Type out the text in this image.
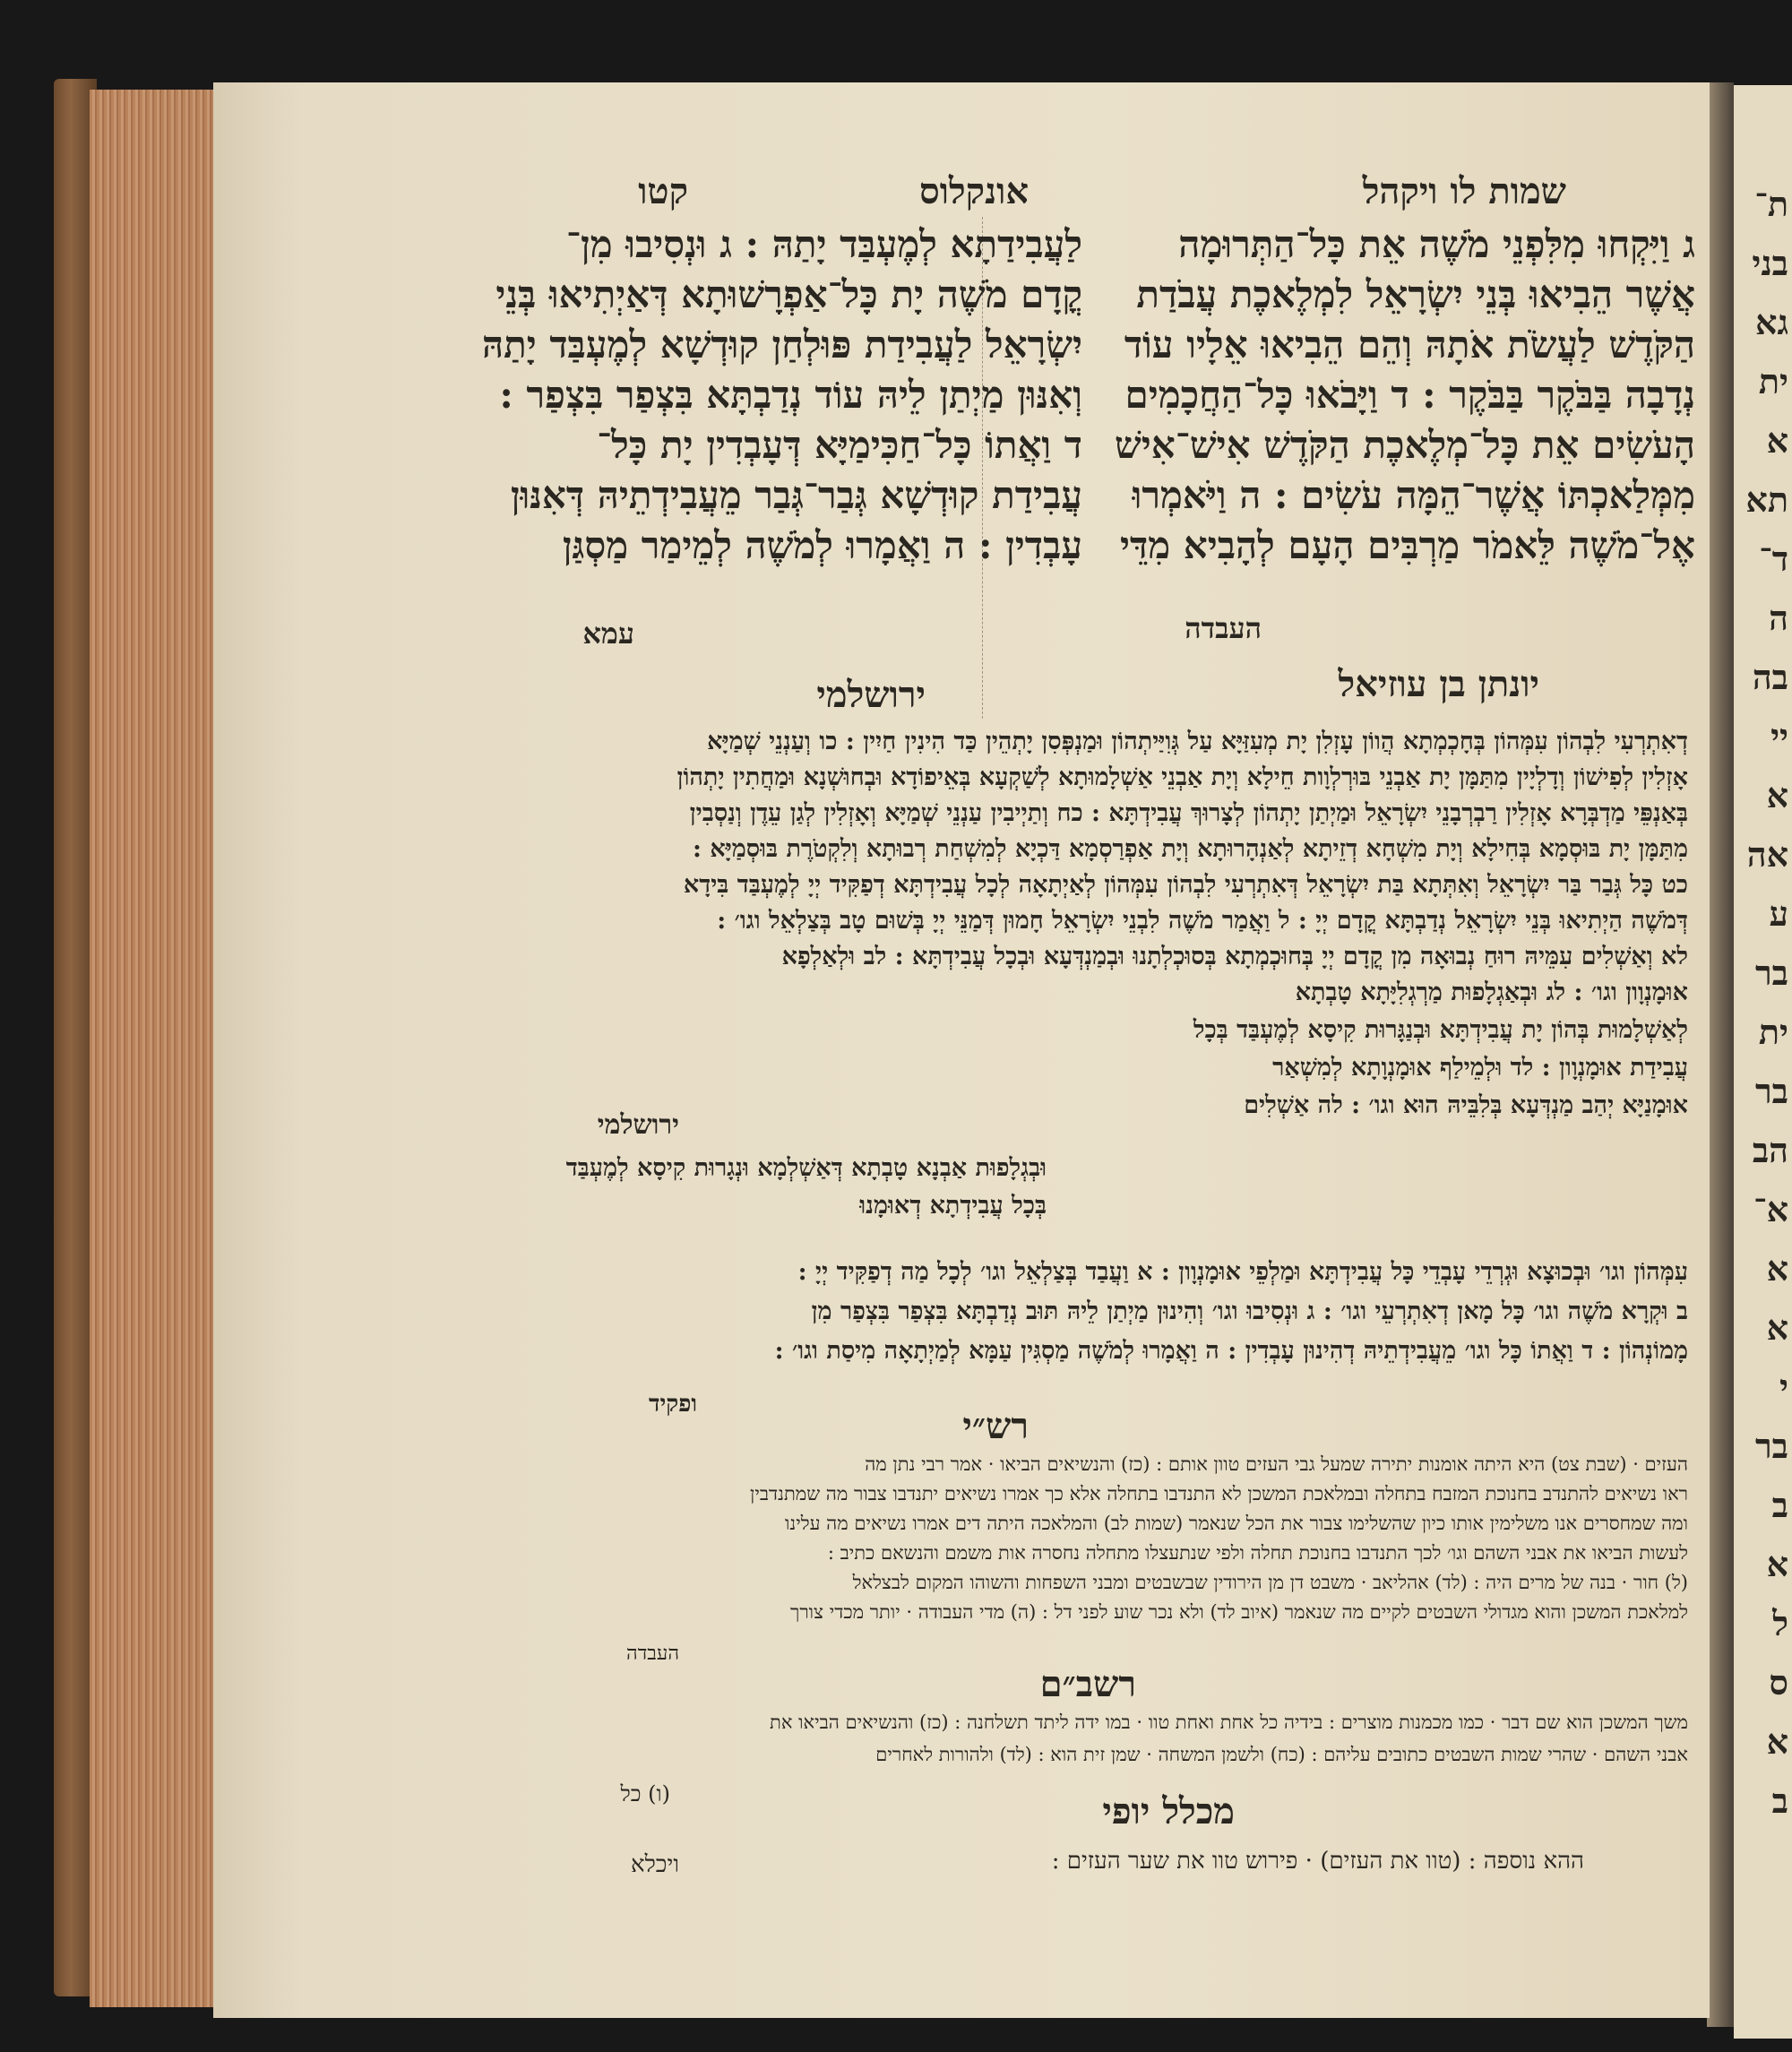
שמות לו ויקהל
אונקלוס
קטו
ג וַיִּקְחוּ מִלִּפְנֵי מֹשֶׁה אֵת כָּל־הַתְּרוּמָה
אֲשֶׁר הֵבִיאוּ בְּנֵי יִשְׂרָאֵל לִמְלֶאכֶת עֲבֹדַת
הַקֹּדֶשׁ לַעֲשֹׂת אֹתָהּ וְהֵם הֵבִיאוּ אֵלָיו עוֹד
נְדָבָה בַּבֹּקֶר בַּבֹּקֶר : ד וַיָּבֹאוּ כָּל־הַחֲכָמִים
הָעֹשִׂים אֵת כָּל־מְלֶאכֶת הַקֹּדֶשׁ אִישׁ־אִישׁ
מִמְּלַאכְתּוֹ אֲשֶׁר־הֵמָּה עֹשִׂים : ה וַיֹּאמְרוּ
אֶל־מֹשֶׁה לֵּאמֹר מַרְבִּים הָעָם לְהָבִיא מִדֵּי
העבדה
לַעֲבִידַתָא לְמֶעְבַּד יָתַהּ : ג וּנְסִיבוּ מִן־
קֳדָם מֹשֶׁה יָת כָּל־אַפְרָשׁוּתָא דְּאַיְתִיאוּ בְּנֵי
יִשְׂרָאֵל לַעֲבִידַת פּוּלְחַן קוּדְשָׁא לְמֶעְבַּד יָתַהּ
וְאִנּוּן מַיְתַן לֵיהּ עוֹד נְדַבְתָּא בִּצְפַר בִּצְפַר :
ד וַאֲתוֹ כָּל־חַכִּימַיָּא דְּעָבְדִין יָת כָּל־
עֲבִידַת קוּדְשָׁא גְּבַר־גְּבַר מֵעֲבִידְתֵיהּ דְּאִנּוּן
עָבְדִין : ה וַאֲמָרוּ לְמֹשֶׁה לְמֵימַר מַסְגַּן
עמא
יונתן בן עוזיאל
ירושלמי
דְאִתְרְעִי לִבְהוֹן עִמְּהוֹן בְּחָכְמְתָא הֲווֹן עָזְלִן יָת מְעִזַּיָּא עַל גְּוִיַּיתְהוֹן וּמַנְפְּסִן יָתְהֵין כַּד הִינִין חַיִין : כו וְעַנְנֵי שְׁמַיָּא
אָזְלִין לְפִישׁוֹן וְדָלְיָין מִתַּמָּן יָת אַבְנֵי בּוּרְלְוָות חֵילָא וְיָת אַבְנֵי אַשְׁלָמוּתָא לְשַׁקְעָא בְּאֵיפוֹדָא וּבְחוּשְׁנָא וּמַחֲתִין יָתְהוֹן
בְּאַנְפֵּי מַדְבְּרָא אָזְלִין רַבְרְבָנֵי יִשְׂרָאֵל וּמַיְתַן יָתְהוֹן לְצָרוּךְ עֲבִידְתָּא : כח וְתַיְיבִין עַנְנֵי שְׁמַיָּא וְאָזְלִין לְגַן עֵדֶן וְנַסְבִין
מִתַּמָּן יָת בּוּסְמָא בְּחִילָא וְיָת מִשְׁחָא דְזֵיתָא לְאַנְהָרוּתָא וְיָת אַפְרַסְמָא דַּכְיָא לְמִשְׁחַת רְבוּתָא וְלִקְטֹרֶת בּוּסְמַיָּא :
כט כָּל גְּבַר בַּר יִשְׂרָאֵל וְאִתְּתָא בַּת יִשְׂרָאֵל דְּאִתְרְעִי לִבְהוֹן עִמְּהוֹן לְאַיְתָאָה לְכָל עֲבִידְתָּא דְפַקִּיד יְיָ לְמֶעְבַּד בִּידָא
דְּמֹשֶׁה הַיְתִיאוּ בְּנֵי יִשְׂרָאֵל נְדַבְתָּא קֳדָם יְיָ : ל וַאֲמַר מֹשֶׁה לִבְנֵי יִשְׂרָאֵל חָמוּן דְּמַנֵּי יְיָ בְּשׁוּם טָב בְּצַלְאֵל וגו׳ :
לא וְאַשְׁלִים עִמֵּיהּ רוּחַ נְבוּאָה מִן קֳדָם יְיָ בְּחוּכְמְתָא בְּסוּכְלְתָנוּ וּבְמַנְדְּעָא וּבְכָל עֲבִידְתָּא : לב וּלְאַלְפָא
אוּמָנְוָון וגו׳ : לג וּבְאַגְלָפוּת מַרְגְלִיָּתָא טָבְתָא
לְאַשְׁלָמוּת בְּהוֹן יָת עֲבִידְתָּא וּבְנַגָּרוּת קִיסָא לְמֶעְבַּד בְּכָל
עֲבִידַת אוּמָנְוָון : לד וּלְמֵילַף אוּמָנְוָתָא לְמִשְׁאַר
אוּמָנַיָּא יְהַב מַנְדְּעָא בְּלִבֵּיהּ הוּא וגו׳ : לה אַשְׁלִים
ירושלמי
וּבְגְלָפוּת אַבְנָא טָבְתָא דְּאַשְׁלְמָא וּנְגָרוּת קִיסָא לְמֶעְבַּד
בְּכָל עֲבִידְתָא דְאוּמָנוּ
עִמְּהוֹן וגו׳ וּבְכוּצָא וּגְרְדֵי עָבְדֵי כָּל עֲבִידְתָּא וּמַלְפֵי אוּמָנְוָון : א וַעֲבַד בְּצַלְאֵל וגו׳ לְכָל מַה דְפַקִּיד יְיָ :
ב וּקְרָא מֹשֶׁה וגו׳ כָּל מָאן דְאִתְרְעֵי וגו׳ : ג וּנְסִיבוּ וגו׳ וְהִינוּן מַיְתַן לֵיהּ תּוּב נְדַבְתָּא בִּצְפַר בִּצְפַר מִן
מָמוֹנְהוֹן : ד וַאֲתוֹ כָּל וגו׳ מֵעֲבִידְתֵיהּ דְהִינוּן עָבְדִין : ה וַאֲמָרוּ לְמֹשֶׁה מַסְגִּין עַמָּא לְמַיְתָאָה מִיסַת וגו׳ :
ופקיד
רש״י
העזים · (שבת צט) היא היתה אומנות יתירה שמעל גבי העזים טוון אותם : (כז) והנשיאים הביאו · אמר רבי נתן מה
ראו נשיאים להתנדב בחנוכת המזבח בתחלה ובמלאכת המשכן לא התנדבו בתחלה אלא כך אמרו נשיאים יתנדבו צבור מה שמתנדבין
ומה שמחסרים אנו משלימין אותו כיון שהשלימו צבור את הכל שנאמר (שמות לב) והמלאכה היתה דים אמרו נשיאים מה עלינו
לעשות הביאו את אבני השהם וגו׳ לכך התנדבו בחנוכת תחלה ולפי שנתעצלו מתחלה נחסרה אות משמם והנשאם כתיב :
(ל) חור · בנה של מרים היה : (לד) אהליאב · משבט דן מן הירודין שבשבטים ומבני השפחות והשוהו המקום לבצלאל
למלאכת המשכן והוא מגדולי השבטים לקיים מה שנאמר (איוב לד) ולא נכר שוע לפני דל : (ה) מדי העבודה · יותר מכדי צורך
העבדה
רשב״ם
משך המשכן הוא שם דבר · כמו מכמנות מוצרים : בידיה כל אחת ואחת טוו · במו ידה ליתד תשלחנה : (כז) והנשיאים הביאו את
אבני השהם · שהרי שמות השבטים כתובים עליהם : (כח) ולשמן המשחה · שמן זית הוא : (לד) ולהורות לאחרים
(ו) כל	מכלל יופי
ההא נוספה : (טוו את העזים) · פירוש טוו את שער העזים :
ויכלא
ת־
בני
גא
ית
א
תא
ד־
ה
בה
יי
א
אה
ע
בר
ית
בר
הב
א־
א
א
י
בר
ב
א
ל
ס
א
ב
